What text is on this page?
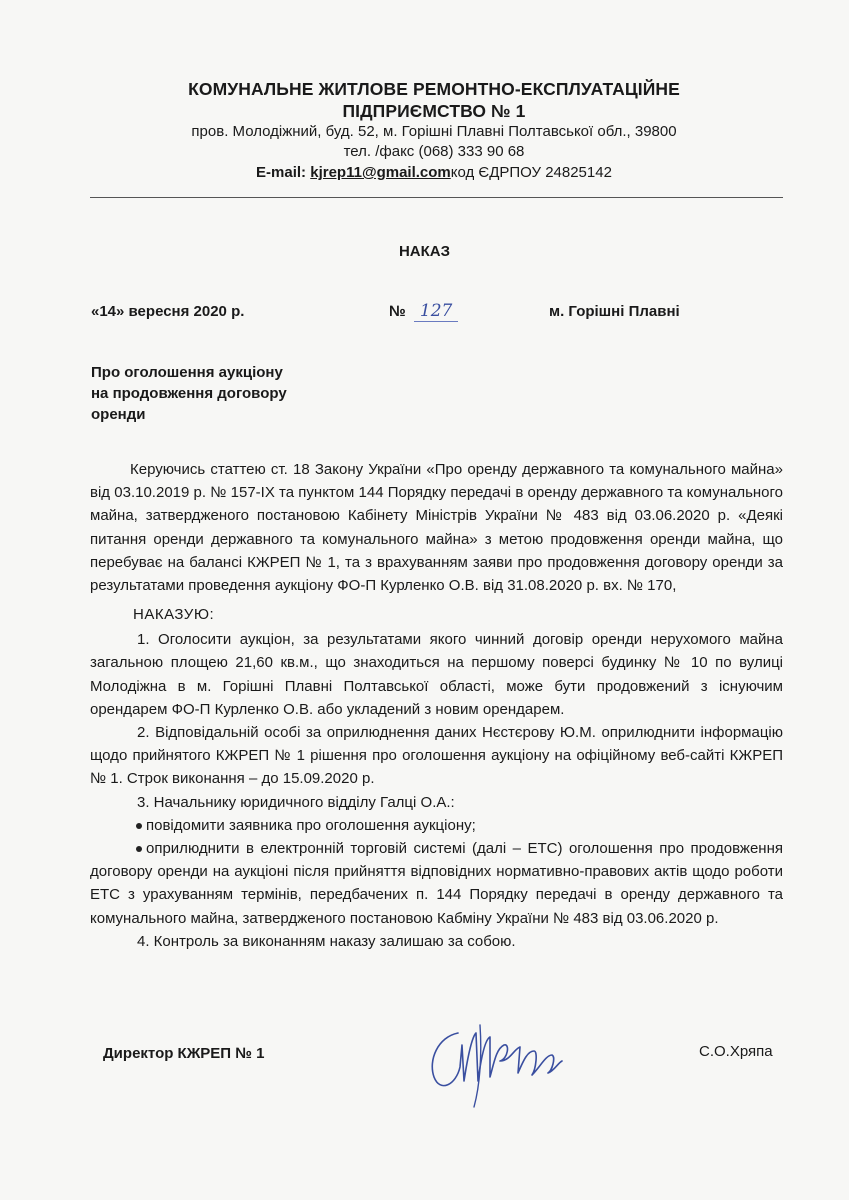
КОМУНАЛЬНЕ ЖИТЛОВЕ РЕМОНТНО-ЕКСПЛУАТАЦІЙНЕ
ПІДПРИЄМСТВО № 1
пров. Молодіжний, буд. 52, м. Горішні Плавні Полтавської обл., 39800
тел. /факс (068) 333 90 68
E-mail: kjrep11@gmail.comкод ЄДРПОУ 24825142
НАКАЗ
«14» вересня 2020 р.	№ 127	м. Горішні Плавні
Про оголошення аукціону
на продовження договору
оренди

Керуючись статтею ст. 18 Закону України «Про оренду державного та комунального майна» від 03.10.2019 р. № 157-IX та пунктом 144 Порядку передачі в оренду державного та комунального майна, затвердженого постановою Кабінету Міністрів України № 483 від 03.06.2020 р. «Деякі питання оренди державного та комунального майна» з метою продовження оренди майна, що перебуває на балансі КЖРЕП № 1, та з врахуванням заяви про продовження договору оренди за результатами проведення аукціону ФО-П Курленко О.В. від 31.08.2020 р. вх. № 170,

НАКАЗУЮ:

1. Оголосити аукціон, за результатами якого чинний договір оренди нерухомого майна загальною площею 21,60 кв.м., що знаходиться на першому поверсі будинку № 10 по вулиці Молодіжна в м. Горішні Плавні Полтавської області, може бути продовжений з існуючим орендарем ФО-П Курленко О.В. або укладений з новим орендарем.

2. Відповідальній особі за оприлюднення даних Нєстєрову Ю.М. оприлюднити інформацію щодо прийнятого КЖРЕП № 1 рішення про оголошення аукціону на офіційному веб-сайті КЖРЕП № 1. Строк виконання – до 15.09.2020 р.

3. Начальнику юридичного відділу Галці О.А.:

повідомити заявника про оголошення аукціону;

оприлюднити в електронній торговій системі (далі – ЕТС) оголошення про продовження договору оренди на аукціоні після прийняття відповідних нормативно-правових актів щодо роботи ЕТС з урахуванням термінів, передбачених п. 144 Порядку передачі в оренду державного та комунального майна, затвердженого постановою Кабміну України № 483 від 03.06.2020 р.

4. Контроль за виконанням наказу залишаю за собою.

Директор КЖРЕП № 1	С.О.Хряпа
